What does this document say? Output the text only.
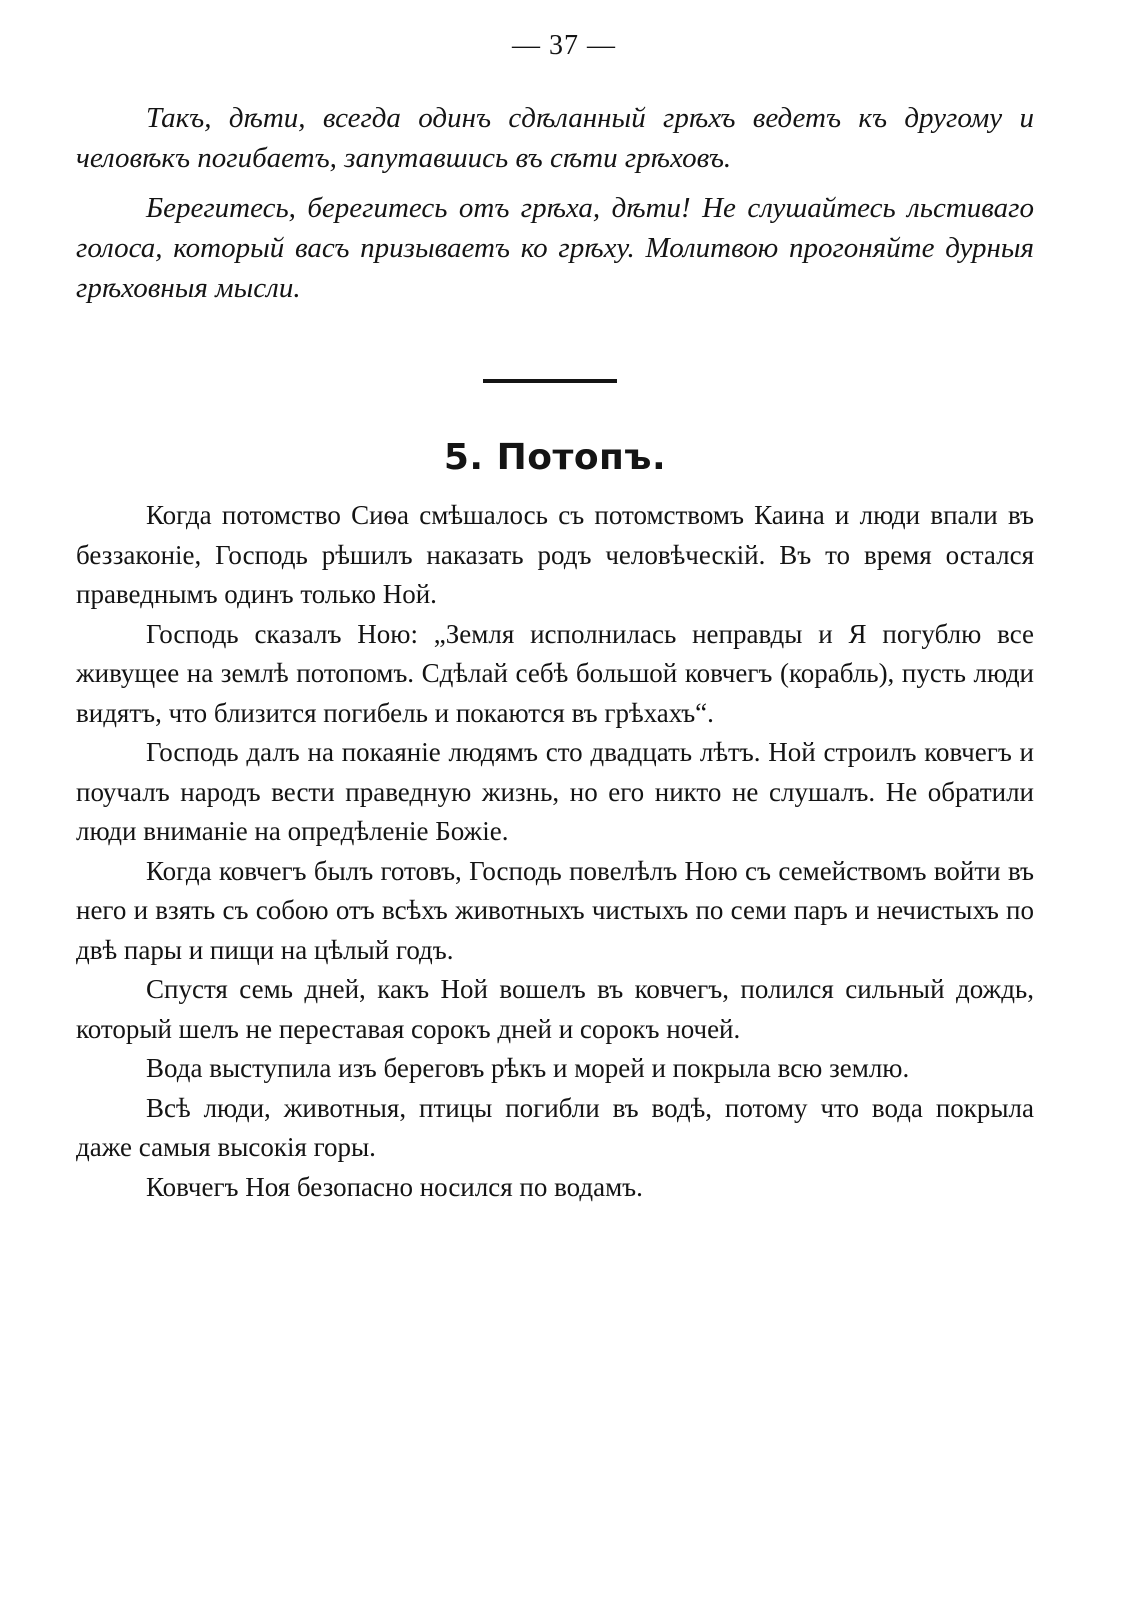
— 37 —

Такъ, дѣти, всегда одинъ сдѣланный грѣхъ ведетъ къ другому и человѣкъ погибаетъ, запутавшись въ сѣти грѣховъ.

Берегитесь, берегитесь отъ грѣха, дѣти! Не слушайтесь льстиваго голоса, который васъ призываетъ ко грѣху. Молитвою прогоняйте дурныя грѣховныя мысли.

5. Потопъ.

Когда потомство Сиѳа смѣшалось съ потомствомъ Каина и люди впали въ беззаконіе, Господь рѣшилъ наказать родъ человѣческій. Въ то время остался праведнымъ одинъ только Ной.

Господь сказалъ Ною: „Земля исполнилась неправды и Я погублю все живущее на землѣ потопомъ. Сдѣлай себѣ большой ковчегъ (корабль), пусть люди видятъ, что близится погибель и покаются въ грѣхахъ“.

Господь далъ на покаяніе людямъ сто двадцать лѣтъ. Ной строилъ ковчегъ и поучалъ народъ вести праведную жизнь, но его никто не слушалъ. Не обратили люди вниманіе на опредѣленіе Божіе.

Когда ковчегъ былъ готовъ, Господь повелѣлъ Ною съ семействомъ войти въ него и взять съ собою отъ всѣхъ животныхъ чистыхъ по семи паръ и нечистыхъ по двѣ пары и пищи на цѣлый годъ.

Спустя семь дней, какъ Ной вошелъ въ ковчегъ, полился сильный дождь, который шелъ не переставая сорокъ дней и сорокъ ночей.

Вода выступила изъ береговъ рѣкъ и морей и покрыла всю землю.

Всѣ люди, животныя, птицы погибли въ водѣ, потому что вода покрыла даже самыя высокія горы.

Ковчегъ Ноя безопасно носился по водамъ.
